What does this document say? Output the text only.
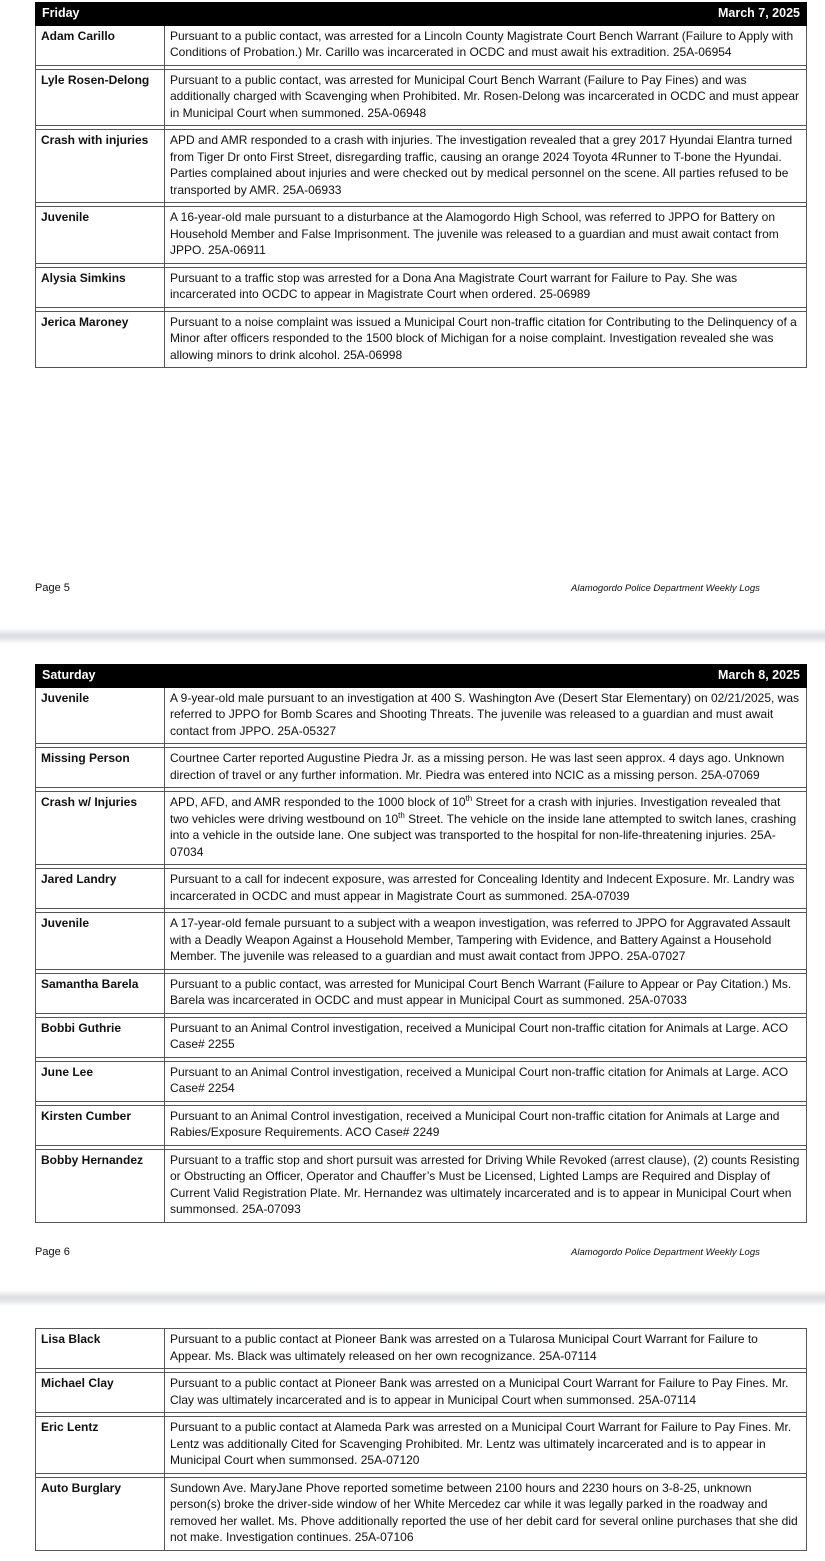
Friday	March 7, 2025
Adam Carillo	Pursuant to a public contact, was arrested for a Lincoln County Magistrate Court Bench Warrant (Failure to Apply with Conditions of Probation.) Mr. Carillo was incarcerated in OCDC and must await his extradition. 25A-06954

Lyle Rosen-Delong	Pursuant to a public contact, was arrested for Municipal Court Bench Warrant (Failure to Pay Fines) and was additionally charged with Scavenging when Prohibited. Mr. Rosen-Delong was incarcerated in OCDC and must appear in Municipal Court when summoned. 25A-06948

Crash with injuries	APD and AMR responded to a crash with injuries. The investigation revealed that a grey 2017 Hyundai Elantra turned from Tiger Dr onto First Street, disregarding traffic, causing an orange 2024 Toyota 4Runner to T-bone the Hyundai. Parties complained about injuries and were checked out by medical personnel on the scene. All parties refused to be transported by AMR. 25A-06933

Juvenile	A 16-year-old male pursuant to a disturbance at the Alamogordo High School, was referred to JPPO for Battery on Household Member and False Imprisonment. The juvenile was released to a guardian and must await contact from JPPO. 25A-06911

Alysia Simkins	Pursuant to a traffic stop was arrested for a Dona Ana Magistrate Court warrant for Failure to Pay. She was incarcerated into OCDC to appear in Magistrate Court when ordered. 25-06989

Jerica Maroney	Pursuant to a noise complaint was issued a Municipal Court non-traffic citation for Contributing to the Delinquency of a Minor after officers responded to the 1500 block of Michigan for a noise complaint. Investigation revealed she was allowing minors to drink alcohol. 25A-06998
Page 5	Alamogordo Police Department Weekly Logs
Saturday	March 8, 2025
Juvenile	A 9-year-old male pursuant to an investigation at 400 S. Washington Ave (Desert Star Elementary) on 02/21/2025, was referred to JPPO for Bomb Scares and Shooting Threats. The juvenile was released to a guardian and must await contact from JPPO. 25A-05327

Missing Person	Courtnee Carter reported Augustine Piedra Jr. as a missing person. He was last seen approx. 4 days ago. Unknown direction of travel or any further information. Mr. Piedra was entered into NCIC as a missing person. 25A-07069

Crash w/ Injuries	APD, AFD, and AMR responded to the 1000 block of 10th Street for a crash with injuries. Investigation revealed that two vehicles were driving westbound on 10th Street. The vehicle on the inside lane attempted to switch lanes, crashing into a vehicle in the outside lane. One subject was transported to the hospital for non-life-threatening injuries. 25A-07034

Jared Landry	Pursuant to a call for indecent exposure, was arrested for Concealing Identity and Indecent Exposure. Mr. Landry was incarcerated in OCDC and must appear in Magistrate Court as summoned. 25A-07039

Juvenile	A 17-year-old female pursuant to a subject with a weapon investigation, was referred to JPPO for Aggravated Assault with a Deadly Weapon Against a Household Member, Tampering with Evidence, and Battery Against a Household Member. The juvenile was released to a guardian and must await contact from JPPO. 25A-07027

Samantha Barela	Pursuant to a public contact, was arrested for Municipal Court Bench Warrant (Failure to Appear or Pay Citation.) Ms. Barela was incarcerated in OCDC and must appear in Municipal Court as summoned. 25A-07033

Bobbi Guthrie	Pursuant to an Animal Control investigation, received a Municipal Court non-traffic citation for Animals at Large. ACO Case# 2255

June Lee	Pursuant to an Animal Control investigation, received a Municipal Court non-traffic citation for Animals at Large. ACO Case# 2254

Kirsten Cumber	Pursuant to an Animal Control investigation, received a Municipal Court non-traffic citation for Animals at Large and Rabies/Exposure Requirements. ACO Case# 2249

Bobby Hernandez	Pursuant to a traffic stop and short pursuit was arrested for Driving While Revoked (arrest clause), (2) counts Resisting or Obstructing an Officer, Operator and Chauffer’s Must be Licensed, Lighted Lamps are Required and Display of Current Valid Registration Plate. Mr. Hernandez was ultimately incarcerated and is to appear in Municipal Court when summonsed. 25A-07093
Page 6	Alamogordo Police Department Weekly Logs
Lisa Black	Pursuant to a public contact at Pioneer Bank was arrested on a Tularosa Municipal Court Warrant for Failure to Appear. Ms. Black was ultimately released on her own recognizance. 25A-07114

Michael Clay	Pursuant to a public contact at Pioneer Bank was arrested on a Municipal Court Warrant for Failure to Pay Fines. Mr. Clay was ultimately incarcerated and is to appear in Municipal Court when summonsed. 25A-07114

Eric Lentz	Pursuant to a public contact at Alameda Park was arrested on a Municipal Court Warrant for Failure to Pay Fines. Mr. Lentz was additionally Cited for Scavenging Prohibited. Mr. Lentz was ultimately incarcerated and is to appear in Municipal Court when summonsed. 25A-07120

Auto Burglary	Sundown Ave. MaryJane Phove reported sometime between 2100 hours and 2230 hours on 3-8-25, unknown person(s) broke the driver-side window of her White Mercedez car while it was legally parked in the roadway and removed her wallet. Ms. Phove additionally reported the use of her debit card for several online purchases that she did not make. Investigation continues. 25A-07106
